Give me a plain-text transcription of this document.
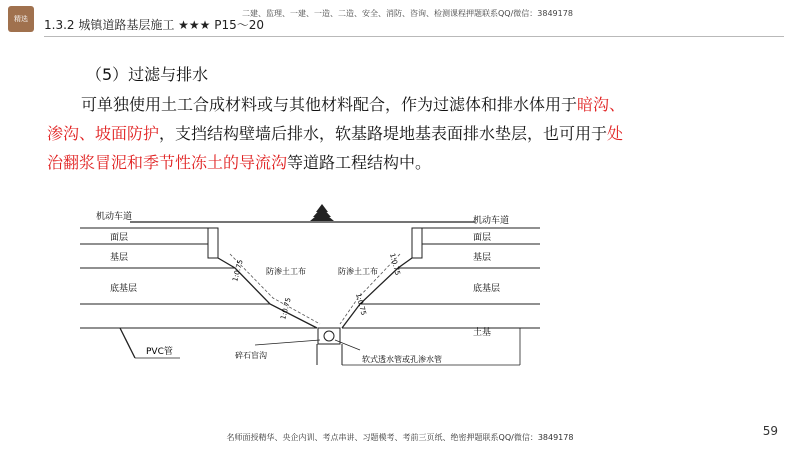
精选 1.3.2 城镇道路基层施工 ★★★ P15～20
二建、监理、一建、一造、二造、安全、消防、咨询、检测课程押题联系QQ/微信：3849178
（5）过滤与排水
可单独使用土工合成材料或与其他材料配合，作为过滤体和排水体用于暗沟、渗沟、坡面防护，支挡结构壁墙后排水，软基路堤地基表面排水垫层，也可用于处治翻浆冒泥和季节性冻土的导流沟等道路工程结构中。
机动车道
面层
基层
底基层
机动车道
面层
基层
底基层
土基
防渗土工布	防渗土工布
1:0.75	1:0.75
1:0.75	1:0.75
PVC管	碎石盲沟	软式透水管或孔渗水管
名师面授精华、央企内训、考点串讲、习题模考、考前三页纸、绝密押题联系QQ/微信：3849178	59
